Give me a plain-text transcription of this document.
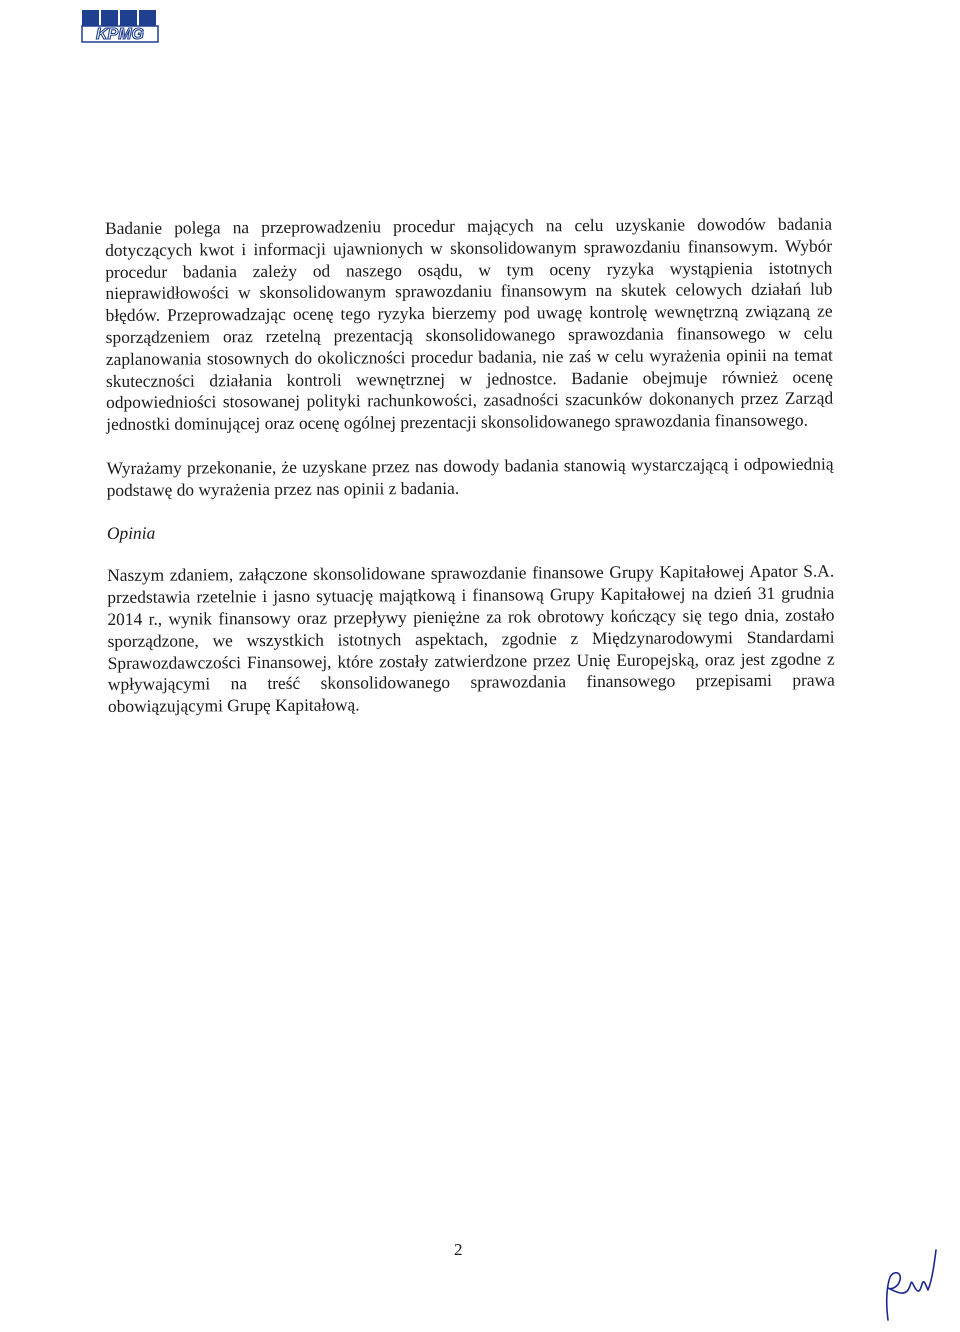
KPMG

Badanie polega na przeprowadzeniu procedur mających na celu uzyskanie dowodów badania dotyczących kwot i informacji ujawnionych w skonsolidowanym sprawozdaniu finansowym. Wybór procedur badania zależy od naszego osądu, w tym oceny ryzyka wystąpienia istotnych nieprawidłowości w skonsolidowanym sprawozdaniu finansowym na skutek celowych działań lub błędów. Przeprowadzając ocenę tego ryzyka bierzemy pod uwagę kontrolę wewnętrzną związaną ze sporządzeniem oraz rzetelną prezentacją skonsolidowanego sprawozdania finansowego w celu zaplanowania stosownych do okoliczności procedur badania, nie zaś w celu wyrażenia opinii na temat skuteczności działania kontroli wewnętrznej w jednostce. Badanie obejmuje również ocenę odpowiedniości stosowanej polityki rachunkowości, zasadności szacunków dokonanych przez Zarząd jednostki dominującej oraz ocenę ogólnej prezentacji skonsolidowanego sprawozdania finansowego.

Wyrażamy przekonanie, że uzyskane przez nas dowody badania stanowią wystarczającą i odpowiednią podstawę do wyrażenia przez nas opinii z badania.

Opinia

Naszym zdaniem, załączone skonsolidowane sprawozdanie finansowe Grupy Kapitałowej Apator S.A. przedstawia rzetelnie i jasno sytuację majątkową i finansową Grupy Kapitałowej na dzień 31 grudnia 2014 r., wynik finansowy oraz przepływy pieniężne za rok obrotowy kończący się tego dnia, zostało sporządzone, we wszystkich istotnych aspektach, zgodnie z Międzynarodowymi Standardami Sprawozdawczości Finansowej, które zostały zatwierdzone przez Unię Europejską, oraz jest zgodne z wpływającymi na treść skonsolidowanego sprawozdania finansowego przepisami prawa obowiązującymi Grupę Kapitałową.

2
